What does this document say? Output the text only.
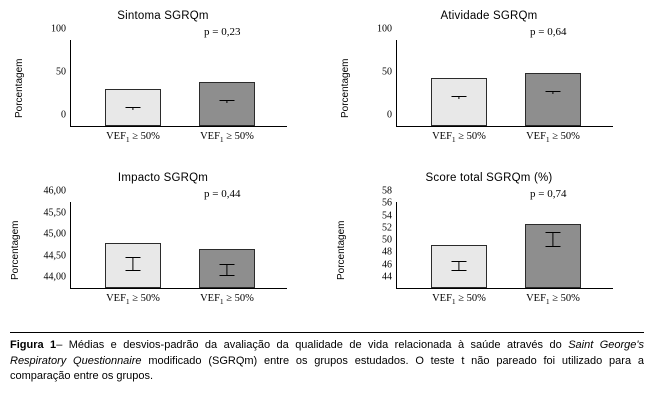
Sintoma SGRQm
p = 0,23
Porcentagem	0
50
100
$VEF_1 \ge 50\%$	$VEF_1 \ge 50\%$
Atividade SGRQm
p = 0,64
Porcentagem	0
50
100
$VEF_1 \ge 50\%$	$VEF_1 \ge 50\%$
Impacto SGRQm
p = 0,44
Porcentagem 44,00
44,50
45,00
45,50
46,00
$VEF_1 \ge 50\%$	$VEF_1 \ge 50\%$
Score total SGRQm (%)
p = 0,74
Porcentagem	44
46
48
50
52
54
56
58
$VEF_1 \ge 50\%$	$VEF_1 \ge 50\%$
Figura 1– Médias e desvios-padrão da avaliação da qualidade de vida relacionada à saúde através do Saint George's Respiratory Questionnaire modificado (SGRQm) entre os grupos estudados. O teste t não pareado foi utilizado para a comparação entre os grupos.
